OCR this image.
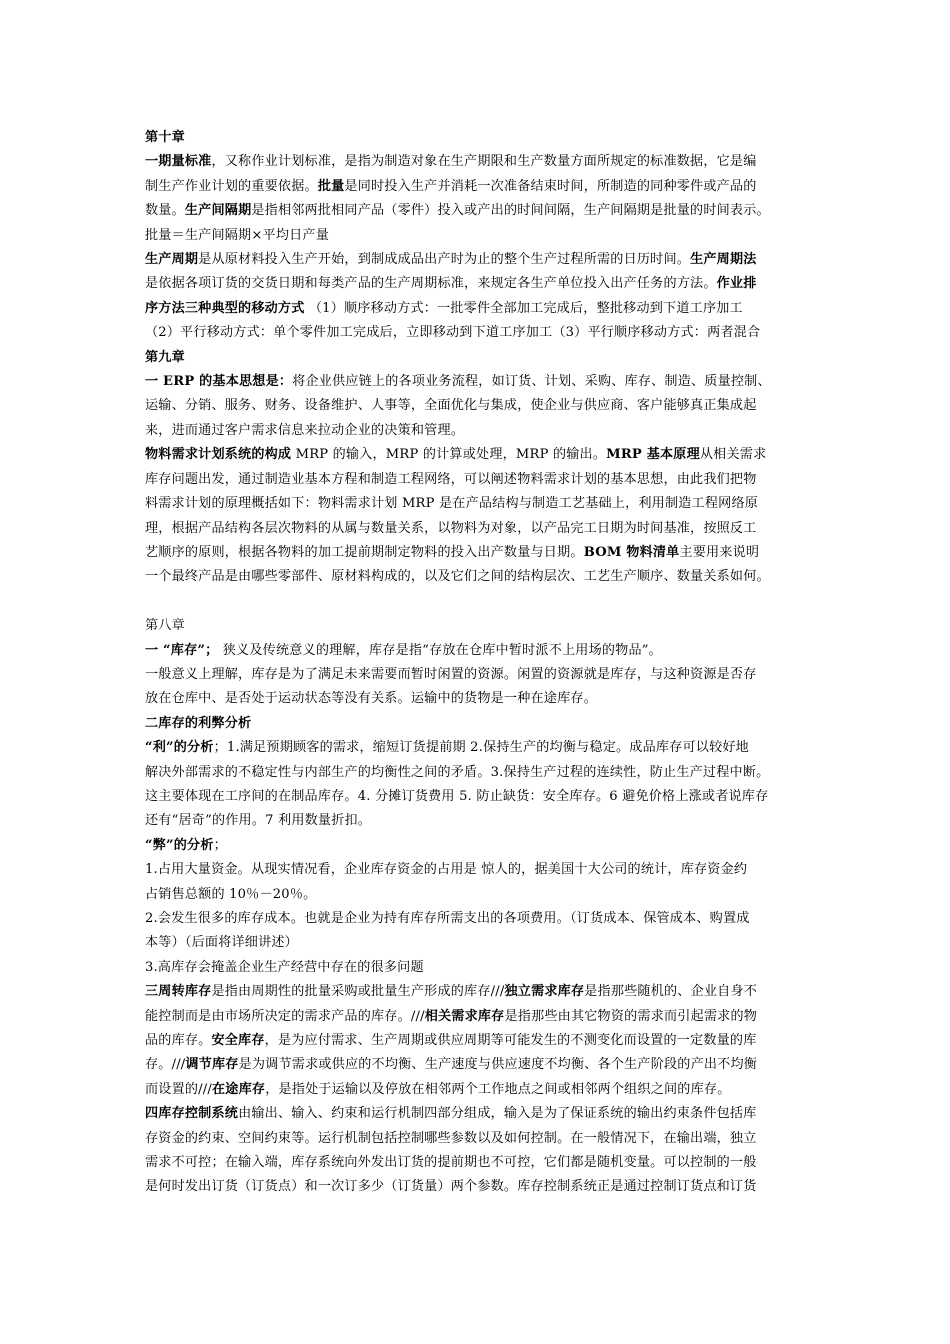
第十章
一期量标准，又称作业计划标准，是指为制造对象在生产期限和生产数量方面所规定的标准数据，它是编
制生产作业计划的重要依据。批量是同时投入生产并消耗一次准备结束时间，所制造的同种零件或产品的
数量。生产间隔期是指相邻两批相同产品（零件）投入或产出的时间间隔，生产间隔期是批量的时间表示。
批量＝生产间隔期×平均日产量
生产周期是从原材料投入生产开始，到制成成品出产时为止的整个生产过程所需的日历时间。生产周期法
是依据各项订货的交货日期和每类产品的生产周期标准，来规定各生产单位投入出产任务的方法。作业排
序方法三种典型的移动方式 （1）顺序移动方式：一批零件全部加工完成后，整批移动到下道工序加工
（2）平行移动方式：单个零件加工完成后，立即移动到下道工序加工（3）平行顺序移动方式：两者混合
第九章
一 ERP 的基本思想是：将企业供应链上的各项业务流程，如订货、计划、采购、库存、制造、质量控制、
运输、分销、服务、财务、设备维护、人事等，全面优化与集成，使企业与供应商、客户能够真正集成起
来，进而通过客户需求信息来拉动企业的决策和管理。
物料需求计划系统的构成 MRP 的输入，MRP 的计算或处理，MRP 的输出。MRP 基本原理从相关需求
库存问题出发，通过制造业基本方程和制造工程网络，可以阐述物料需求计划的基本思想，由此我们把物
料需求计划的原理概括如下：物料需求计划 MRP 是在产品结构与制造工艺基础上，利用制造工程网络原
理，根据产品结构各层次物料的从属与数量关系，以物料为对象，以产品完工日期为时间基准，按照反工
艺顺序的原则，根据各物料的加工提前期制定物料的投入出产数量与日期。BOM 物料清单主要用来说明
一个最终产品是由哪些零部件、原材料构成的，以及它们之间的结构层次、工艺生产顺序、数量关系如何。
第八章
一 “库存”； 狭义及传统意义的理解，库存是指“存放在仓库中暂时派不上用场的物品”。
一般意义上理解，库存是为了满足未来需要而暂时闲置的资源。闲置的资源就是库存，与这种资源是否存
放在仓库中、是否处于运动状态等没有关系。运输中的货物是一种在途库存。
二库存的利弊分析
“利”的分析；1.满足预期顾客的需求，缩短订货提前期 2.保持生产的均衡与稳定。成品库存可以较好地
解决外部需求的不稳定性与内部生产的均衡性之间的矛盾。3.保持生产过程的连续性，防止生产过程中断。
这主要体现在工序间的在制品库存。4. 分摊订货费用 5. 防止缺货：安全库存。6 避免价格上涨或者说库存
还有“居奇”的作用。7 利用数量折扣。
“弊”的分析；
1.占用大量资金。从现实情况看，企业库存资金的占用是 惊人的，据美国十大公司的统计，库存资金约
占销售总额的 10％－20％。
2.会发生很多的库存成本。也就是企业为持有库存所需支出的各项费用。（订货成本、保管成本、购置成
本等）（后面将详细讲述）
3.高库存会掩盖企业生产经营中存在的很多问题
三周转库存是指由周期性的批量采购或批量生产形成的库存///独立需求库存是指那些随机的、企业自身不
能控制而是由市场所决定的需求产品的库存。///相关需求库存是指那些由其它物资的需求而引起需求的物
品的库存。安全库存，是为应付需求、生产周期或供应周期等可能发生的不测变化而设置的一定数量的库
存。///调节库存是为调节需求或供应的不均衡、生产速度与供应速度不均衡、各个生产阶段的产出不均衡
而设置的///在途库存，是指处于运输以及停放在相邻两个工作地点之间或相邻两个组织之间的库存。
四库存控制系统由输出、输入、约束和运行机制四部分组成，输入是为了保证系统的输出约束条件包括库
存资金的约束、空间约束等。运行机制包括控制哪些参数以及如何控制。在一般情况下，在输出端，独立
需求不可控；在输入端，库存系统向外发出订货的提前期也不可控，它们都是随机变量。可以控制的一般
是何时发出订货（订货点）和一次订多少（订货量）两个参数。库存控制系统正是通过控制订货点和订货
